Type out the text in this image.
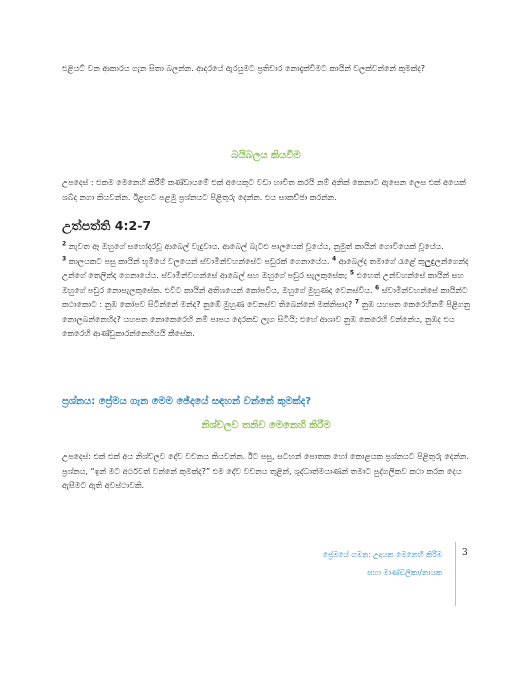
එළියට් වන ආකාරය ගැන සිතා බලන්න. ආදරයේ ඇරයුමට ප්‍රතිචාර නොදැක්වීමට කායින් වලක්වන්නේ කුමක්ද?

බයිබලය කියවීම

උපදෙස් : එකම මෙනෙහි කිරීම් කණ්ඩායමේ එක් අයෙකුට වඩා හාචිත කරයි නම් අනික් කෙනාට ඇසෙන ලෙස එක් අයෙක් ශබ්ද නගා කියවන්න. ඊළඟට පළමු ප්‍රශ්නයට පිළිතුරු දෙන්න. එය සාකච්ඡා කරන්න.

උත්පත්ති 4:2-7
$^2$ නැවත ඈ ඔහුගේ සහෝදරවූ ආබෙල් වැදුවාය. ආබෙල් බැටළු පාලයෙක් වූයේය, නුමුත් කායින් ගොවියෙක් වූයේය.
$^3$ කාලයකට පසු කායින් භූමියේ වලයෙන් ස්වාමීන්වහන්සේට පඩුරක් ගෙනායේය. $^4$ ආබෙල්ද තමාගේ රැළේ කුලුඳුලන්ගෙන්ද උන්ගේ තෙලින්ද ගෙනායේය. ස්වාමීන්වහන්සේ ආබෙල් සහ ඔහුගේ පඩුර සැලකුසේක; $^5$ එහෙත් උන්වහන්සේ කායින් සහ ඔහුගේ පඩුර නොසැලකුසේක. එවිට කායින් අතිශයෙන් කෝපවිය, ඔහුගේ මුහුණද වෙනස්විය. $^6$ ස්වාමීන්වහන්සේ කායින්ට කථාකොට : නුඹ කෝපව සිටින්නේ මන්ද? නුඹේ මුහුණ වෙනස්ව තිබෙන්නේ මක්නිසාද? $^7$ නුඹ යහපත කෙරෙහිනම් පිළිගනු නොලබන්නෙහිද? යහපත නොකෙරෙහි නම් පාපය දොරකඩ ලැග සිටියි; එහේ ආශාව නුඹ කෙරෙහි වන්නේය, නුඹද එය කෙරෙහි ආණ්ඩුකාරන්නෙහියයි කීසේක.
ප්‍රශ්නය: ප්‍රේමය ගැන මෙම ඡේදයේ සඳහන් වන්නේ කුමක්ද?
නිශ්චලව තනිව මෙනෙහි කිරීම

උපදෙස්: එක් එක් අය නිශ්චලව දේව වචනය කියවන්න. ඊට පසු, සටහන් පොතක හෝ කොළයක ප්‍රශ්නයට පිළිතුරු දෙන්න. ප්‍රශ්නය, “ඉන් මට අර්ථවත් වන්නේ කුමක්ද?” එම දේව වචනය තුළින්, ශුද්ධාත්මයාණන් තමාට පුද්ගලිකව කථා කරන දෙය ඇසීමට ඇති අවස්ථාවකි.

ප්‍රේමයේ ගමන: උදයක මෙනෙහි කිරීම

සහා මාණ්ඩලිකා/නායක

3
